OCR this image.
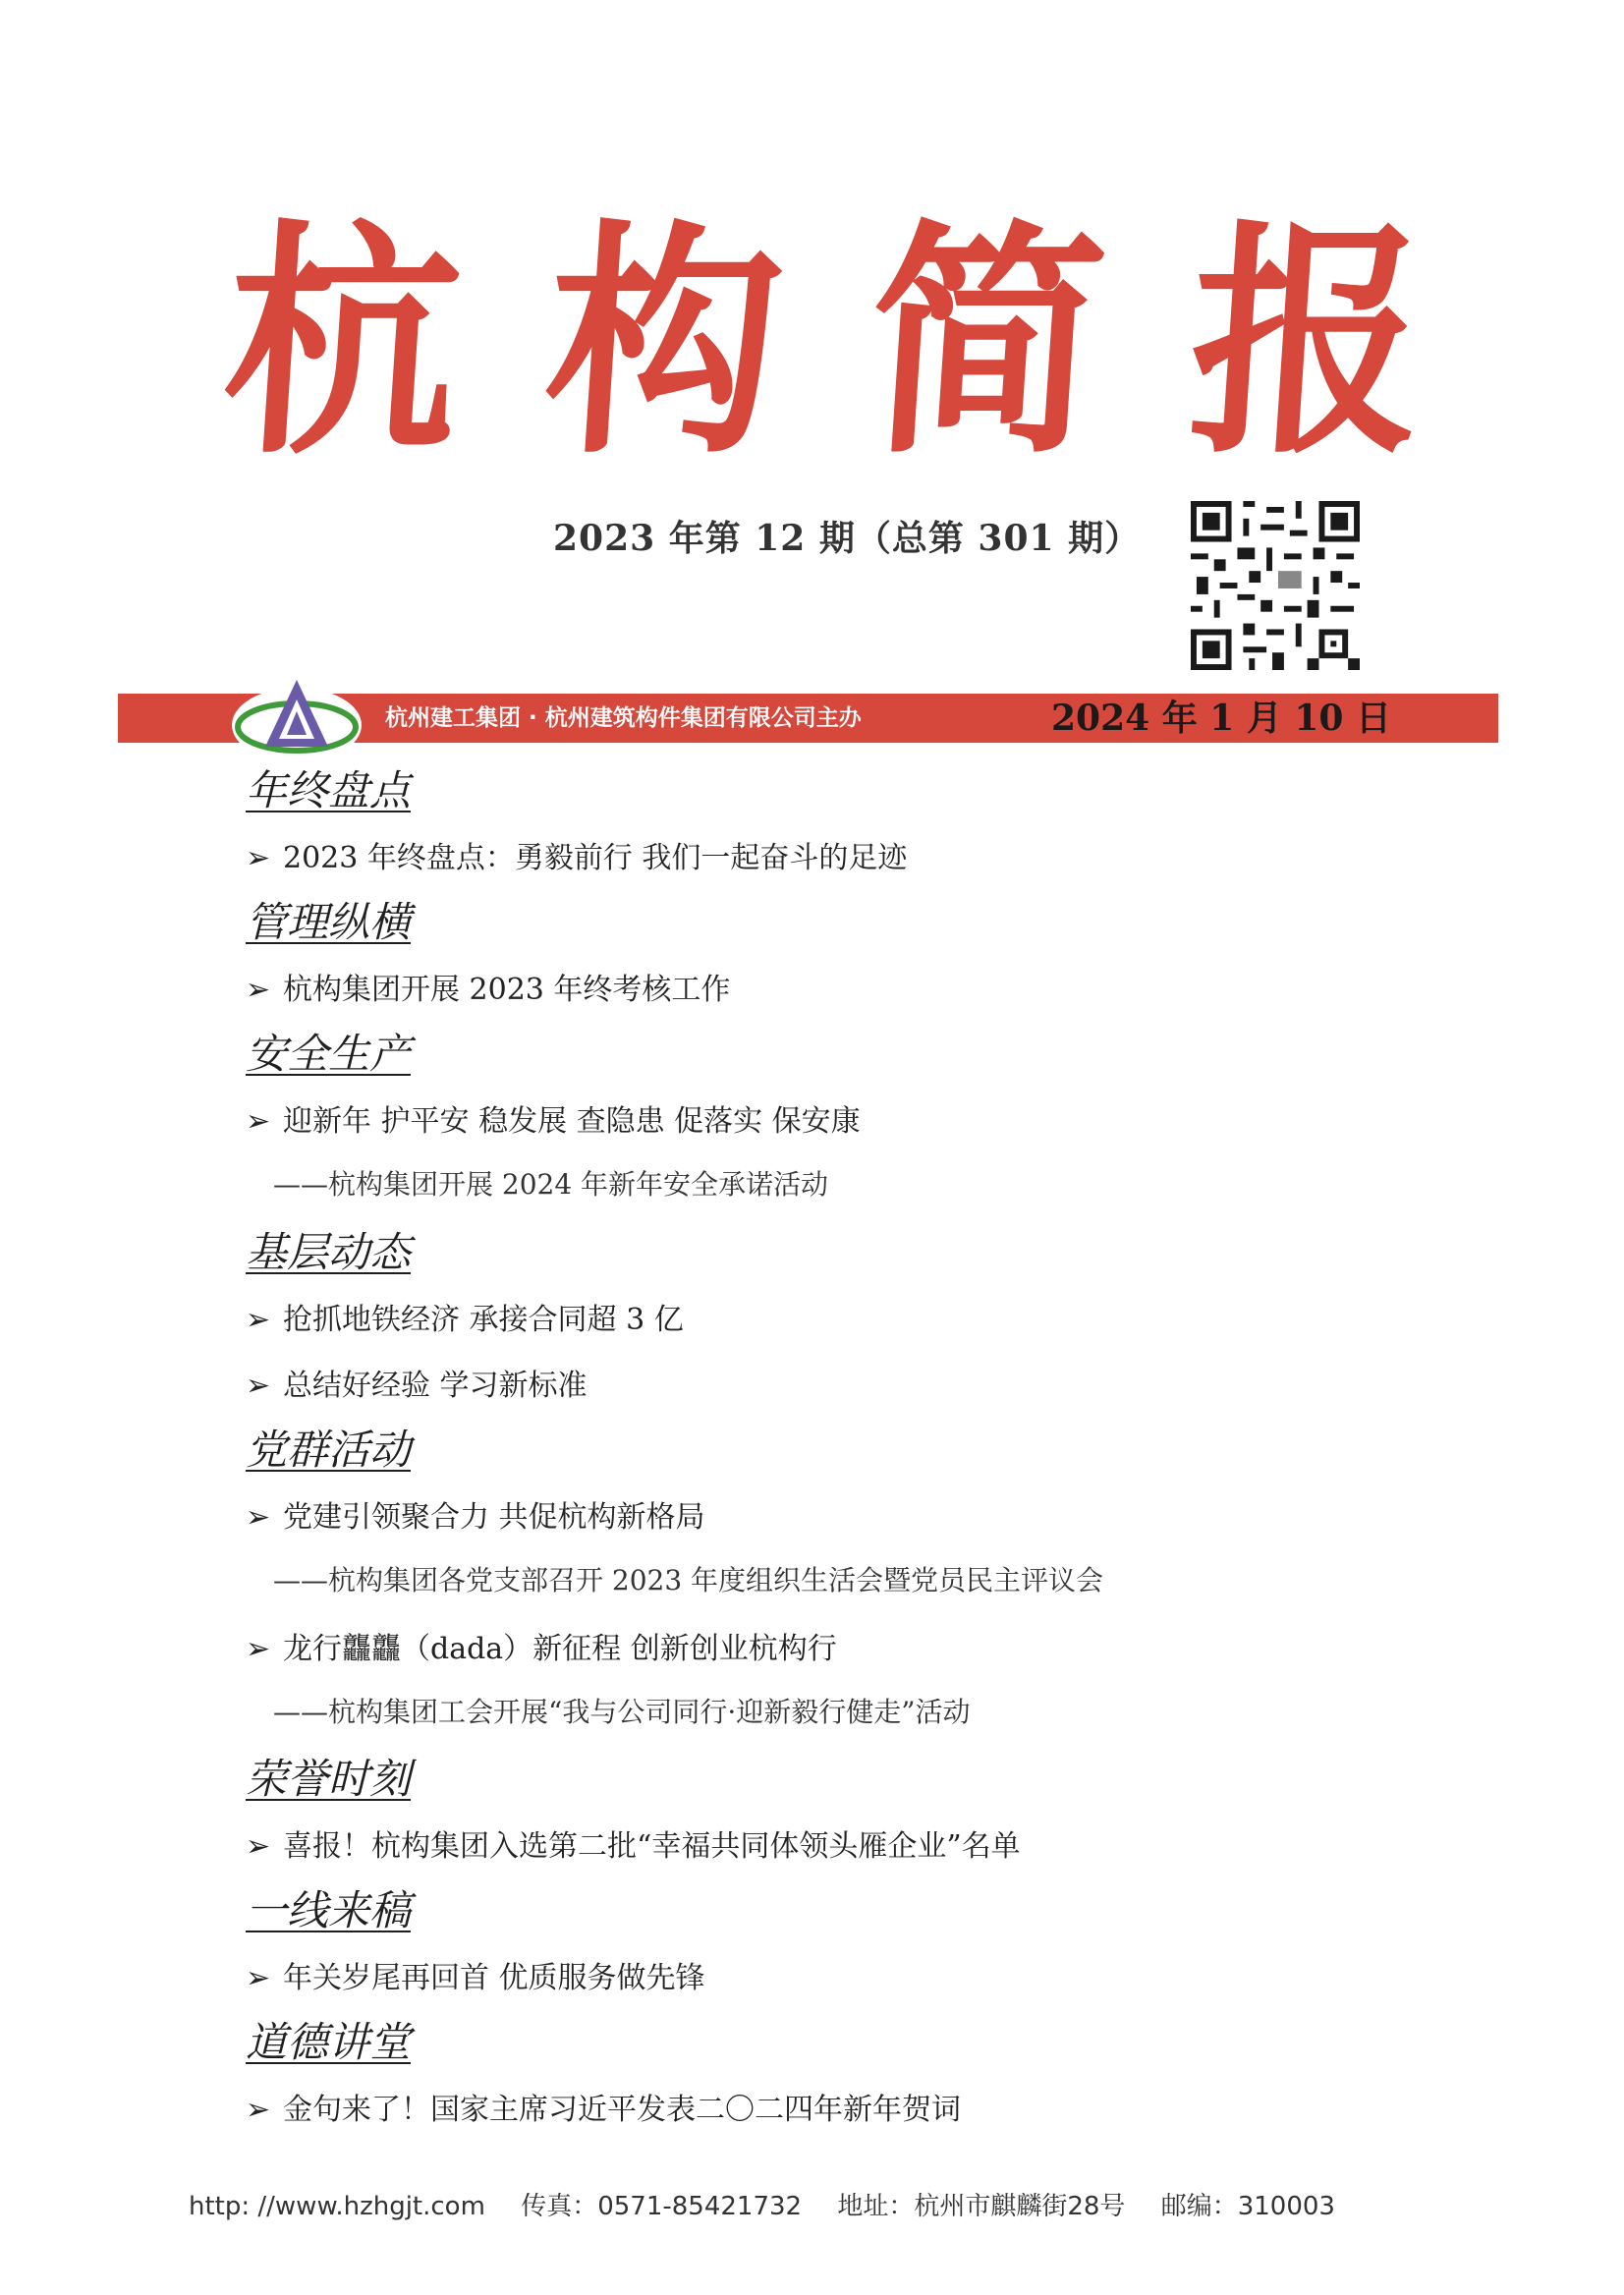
杭 构 简 报
2023 年第 12 期（总第 301 期）
杭州建工集团 · 杭州建筑构件集团有限公司主办	2024 年 1 月 10 日
年终盘点
➢ 2023 年终盘点：勇毅前行 我们一起奋斗的足迹
管理纵横
➢ 杭构集团开展 2023 年终考核工作
安全生产
➢ 迎新年 护平安 稳发展 查隐患 促落实 保安康
——杭构集团开展 2024 年新年安全承诺活动
基层动态
➢ 抢抓地铁经济 承接合同超 3 亿
➢ 总结好经验 学习新标准
党群活动
➢ 党建引领聚合力 共促杭构新格局
——杭构集团各党支部召开 2023 年度组织生活会暨党员民主评议会
➢ 龙行龘龘（dada）新征程 创新创业杭构行
——杭构集团工会开展“我与公司同行·迎新毅行健走”活动
荣誉时刻
➢ 喜报！杭构集团入选第二批“幸福共同体领头雁企业”名单
一线来稿
➢ 年关岁尾再回首 优质服务做先锋
道德讲堂
➢ 金句来了！国家主席习近平发表二〇二四年新年贺词
http: //www.hzhgjt.com 传真：0571-85421732 地址：杭州市麒麟街28号 邮编：310003
